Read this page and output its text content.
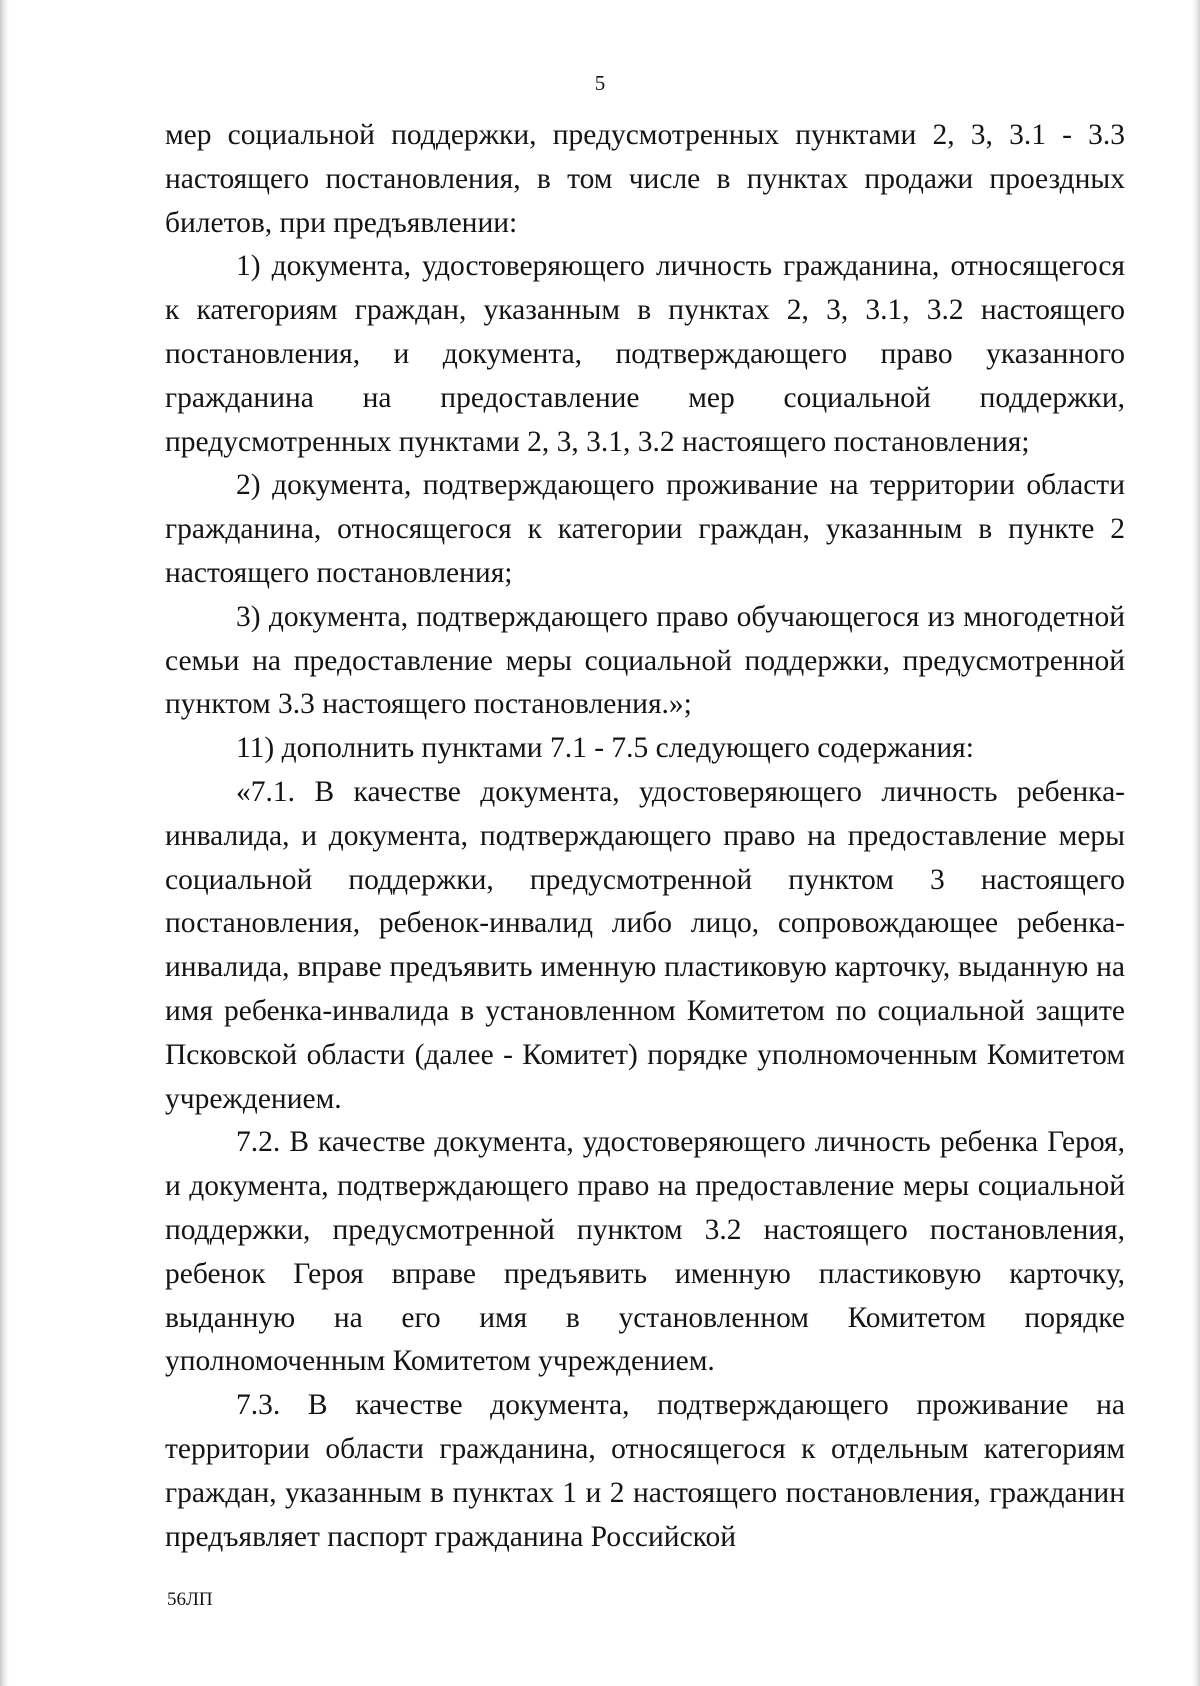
5

мер социальной поддержки, предусмотренных пунктами 2, 3, 3.1 - 3.3 настоящего постановления, в том числе в пунктах продажи проездных билетов, при предъявлении:

1) документа, удостоверяющего личность гражданина, относящегося к категориям граждан, указанным в пунктах 2, 3, 3.1, 3.2 настоящего постановления, и документа, подтверждающего право указанного гражданина на предоставление мер социальной поддержки, предусмотренных пунктами 2, 3, 3.1, 3.2 настоящего постановления;

2) документа, подтверждающего проживание на территории области гражданина, относящегося к категории граждан, указанным в пункте 2 настоящего постановления;

3) документа, подтверждающего право обучающегося из многодетной семьи на предоставление меры социальной поддержки, предусмотренной пунктом 3.3 настоящего постановления.»;

11) дополнить пунктами 7.1 - 7.5 следующего содержания:

«7.1. В качестве документа, удостоверяющего личность ребенка-инвалида, и документа, подтверждающего право на предоставление меры социальной поддержки, предусмотренной пунктом 3 настоящего постановления, ребенок-инвалид либо лицо, сопровождающее ребенка-инвалида, вправе предъявить именную пластиковую карточку, выданную на имя ребенка-инвалида в установленном Комитетом по социальной защите Псковской области (далее - Комитет) порядке уполномоченным Комитетом учреждением.

7.2. В качестве документа, удостоверяющего личность ребенка Героя, и документа, подтверждающего право на предоставление меры социальной поддержки, предусмотренной пунктом 3.2 настоящего постановления, ребенок Героя вправе предъявить именную пластиковую карточку, выданную на его имя в установленном Комитетом порядке уполномоченным Комитетом учреждением.

7.3. В качестве документа, подтверждающего проживание на территории области гражданина, относящегося к отдельным категориям граждан, указанным в пунктах 1 и 2 настоящего постановления, гражданин предъявляет паспорт гражданина Российской

56ЛП
